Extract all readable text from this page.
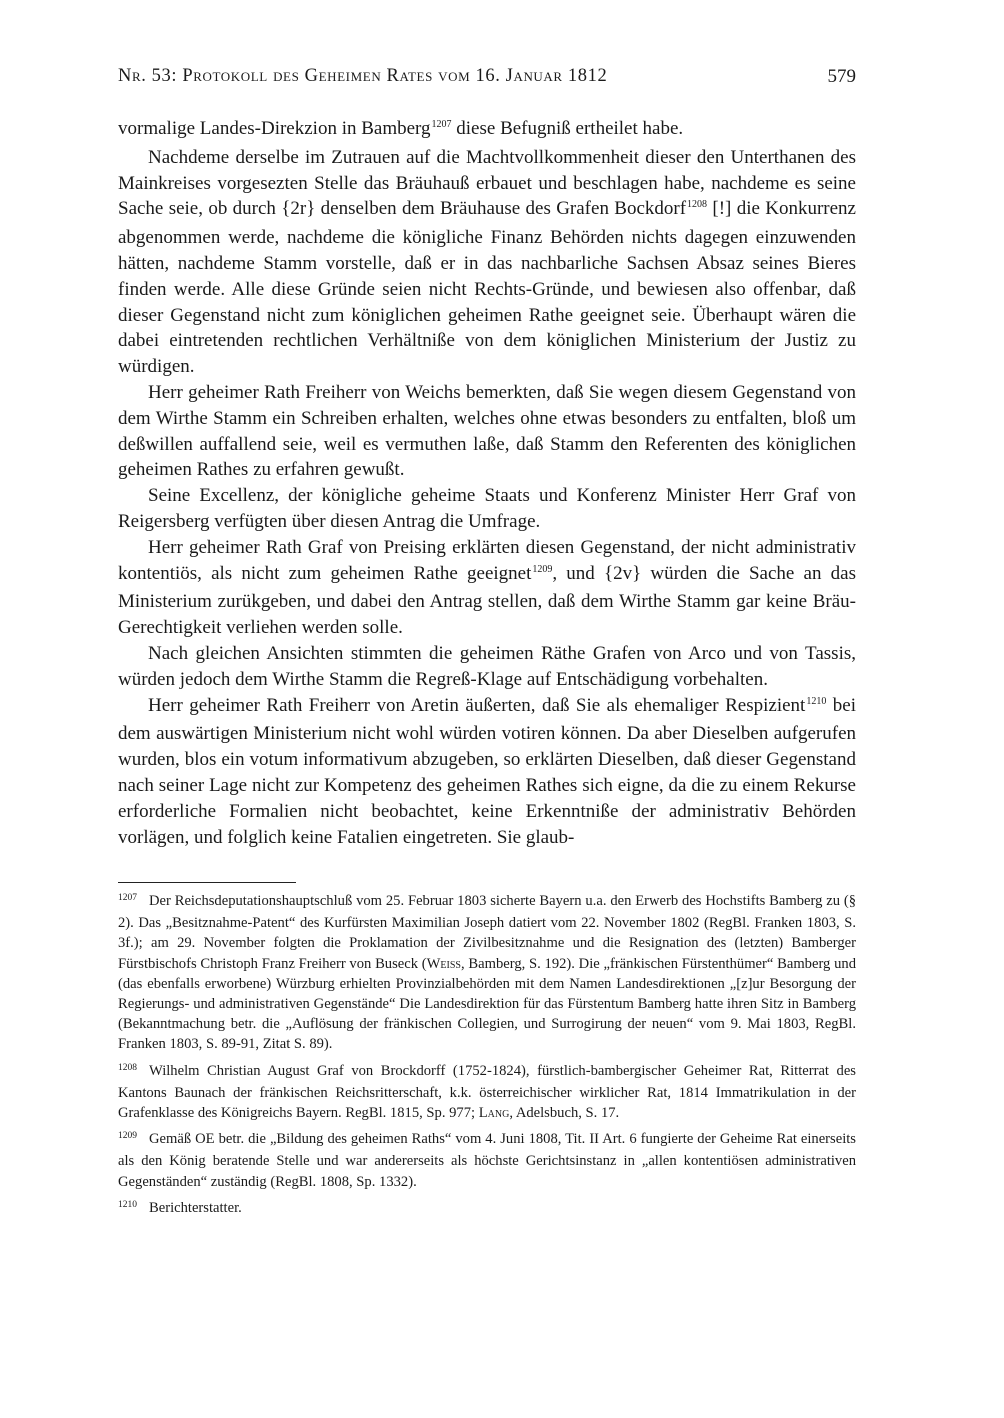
Nr. 53: Protokoll des Geheimen Rates vom 16. Januar 1812	579

vormalige Landes-Direkzion in Bamberg$^{1207}$ diese Befugniß ertheilet habe.

Nachdeme derselbe im Zutrauen auf die Machtvollkommenheit dieser den Unterthanen des Mainkreises vorgesezten Stelle das Bräuhauß erbauet und beschlagen habe, nachdeme es seine Sache seie, ob durch {2r} denselben dem Bräuhause des Grafen Bockdorf$^{1208}$ [!] die Konkurrenz abgenommen werde, nachdeme die königliche Finanz Behörden nichts dagegen einzuwenden hätten, nachdeme Stamm vorstelle, daß er in das nachbarliche Sachsen Absaz seines Bieres finden werde. Alle diese Gründe seien nicht Rechts-Gründe, und bewiesen also offenbar, daß dieser Gegenstand nicht zum königlichen geheimen Rathe geeignet seie. Überhaupt wären die dabei eintretenden rechtlichen Verhältniße von dem königlichen Ministerium der Justiz zu würdigen.

Herr geheimer Rath Freiherr von Weichs bemerkten, daß Sie wegen diesem Gegenstand von dem Wirthe Stamm ein Schreiben erhalten, welches ohne etwas besonders zu entfalten, bloß um deßwillen auffallend seie, weil es vermuthen laße, daß Stamm den Referenten des königlichen geheimen Rathes zu erfahren gewußt.

Seine Excellenz, der königliche geheime Staats und Konferenz Minister Herr Graf von Reigersberg verfügten über diesen Antrag die Umfrage.

Herr geheimer Rath Graf von Preising erklärten diesen Gegenstand, der nicht administrativ kontentiös, als nicht zum geheimen Rathe geeignet$^{1209}$, und {2v} würden die Sache an das Ministerium zurükgeben, und dabei den Antrag stellen, daß dem Wirthe Stamm gar keine Bräu-Gerechtigkeit verliehen werden solle.

Nach gleichen Ansichten stimmten die geheimen Räthe Grafen von Arco und von Tassis, würden jedoch dem Wirthe Stamm die Regreß-Klage auf Entschädigung vorbehalten.

Herr geheimer Rath Freiherr von Aretin äußerten, daß Sie als ehemaliger Respizient$^{1210}$ bei dem auswärtigen Ministerium nicht wohl würden votiren können. Da aber Dieselben aufgerufen wurden, blos ein votum informativum abzugeben, so erklärten Dieselben, daß dieser Gegenstand nach seiner Lage nicht zur Kompetenz des geheimen Rathes sich eigne, da die zu einem Rekurse erforderliche Formalien nicht beobachtet, keine Erkenntniße der administrativ Behörden vorlägen, und folglich keine Fatalien eingetreten. Sie glaub-

$^{1207}$ Der Reichsdeputationshauptschluß vom 25. Februar 1803 sicherte Bayern u.a. den Erwerb des Hochstifts Bamberg zu (§ 2). Das „Besitznahme-Patent“ des Kurfürsten Maximilian Joseph datiert vom 22. November 1802 (RegBl. Franken 1803, S. 3f.); am 29. November folgten die Proklamation der Zivilbesitznahme und die Resignation des (letzten) Bamberger Fürstbischofs Christoph Franz Freiherr von Buseck (Weiss, Bamberg, S. 192). Die „fränkischen Fürstenthümer“ Bamberg und (das ebenfalls erworbene) Würzburg erhielten Provinzialbehörden mit dem Namen Landesdirektionen „[z]ur Besorgung der Regierungs- und administrativen Gegenstände“ Die Landesdirektion für das Fürstentum Bamberg hatte ihren Sitz in Bamberg (Bekanntmachung betr. die „Auflösung der fränkischen Collegien, und Surrogirung der neuen“ vom 9. Mai 1803, RegBl. Franken 1803, S. 89-91, Zitat S. 89).

$^{1208}$ Wilhelm Christian August Graf von Brockdorff (1752-1824), fürstlich-bambergischer Geheimer Rat, Ritterrat des Kantons Baunach der fränkischen Reichsritterschaft, k.k. österreichischer wirklicher Rat, 1814 Immatrikulation in der Grafenklasse des Königreichs Bayern. RegBl. 1815, Sp. 977; Lang, Adelsbuch, S. 17.

$^{1209}$ Gemäß OE betr. die „Bildung des geheimen Raths“ vom 4. Juni 1808, Tit. II Art. 6 fungierte der Geheime Rat einerseits als den König beratende Stelle und war andererseits als höchste Gerichtsinstanz in „allen kontentiösen administrativen Gegenständen“ zuständig (RegBl. 1808, Sp. 1332).

$^{1210}$ Berichterstatter.
